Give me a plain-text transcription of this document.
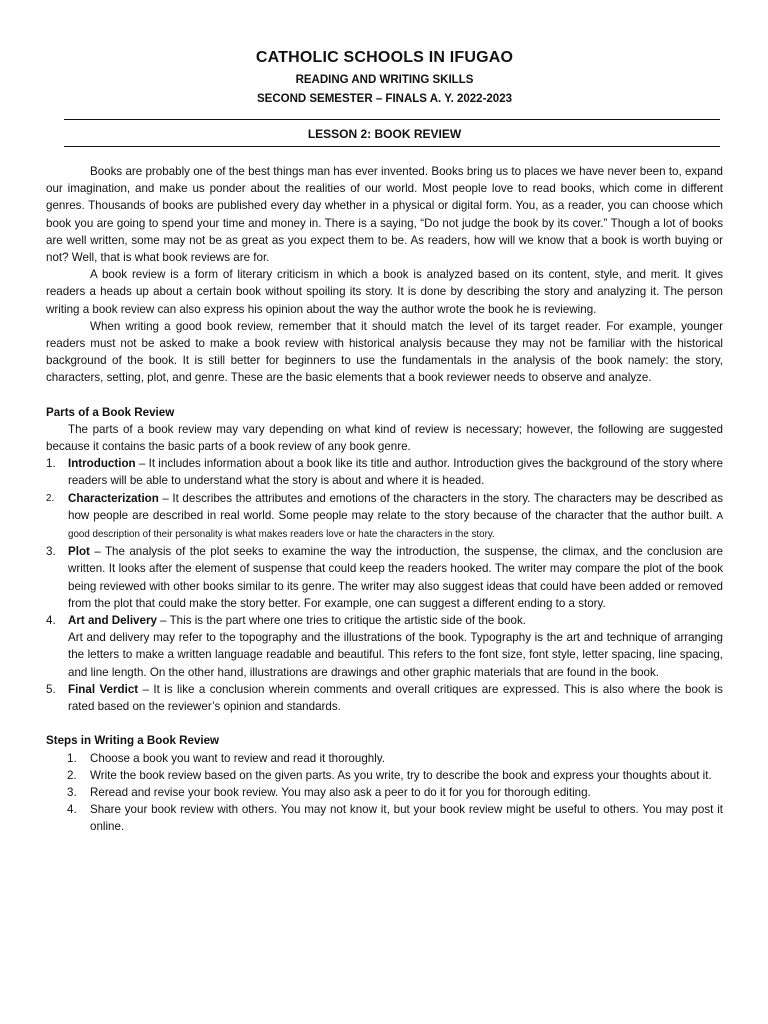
CATHOLIC SCHOOLS IN IFUGAO
READING AND WRITING SKILLS
SECOND SEMESTER – FINALS A. Y. 2022-2023
LESSON 2: BOOK REVIEW

Books are probably one of the best things man has ever invented. Books bring us to places we have never been to, expand our imagination, and make us ponder about the realities of our world. Most people love to read books, which come in different genres. Thousands of books are published every day whether in a physical or digital form. You, as a reader, you can choose which book you are going to spend your time and money in. There is a saying, “Do not judge the book by its cover.” Though a lot of books are well written, some may not be as great as you expect them to be. As readers, how will we know that a book is worth buying or not? Well, that is what book reviews are for.

A book review is a form of literary criticism in which a book is analyzed based on its content, style, and merit. It gives readers a heads up about a certain book without spoiling its story. It is done by describing the story and analyzing it. The person writing a book review can also express his opinion about the way the author wrote the book he is reviewing.

When writing a good book review, remember that it should match the level of its target reader. For example, younger readers must not be asked to make a book review with historical analysis because they may not be familiar with the historical background of the book. It is still better for beginners to use the fundamentals in the analysis of the book namely: the story, characters, setting, plot, and genre. These are the basic elements that a book reviewer needs to observe and analyze.

Parts of a Book Review

The parts of a book review may vary depending on what kind of review is necessary; however, the following are suggested because it contains the basic parts of a book review of any book genre.

1. Introduction – It includes information about a book like its title and author. Introduction gives the background of the story where readers will be able to understand what the story is about and where it is headed.
2. Characterization – It describes the attributes and emotions of the characters in the story. The characters may be described as how people are described in real world. Some people may relate to the story because of the character that the author built. A good description of their personality is what makes readers love or hate the characters in the story.
3. Plot – The analysis of the plot seeks to examine the way the introduction, the suspense, the climax, and the conclusion are written. It looks after the element of suspense that could keep the readers hooked. The writer may compare the plot of the book being reviewed with other books similar to its genre. The writer may also suggest ideas that could have been added or removed from the plot that could make the story better. For example, one can suggest a different ending to a story.
4. Art and Delivery – This is the part where one tries to critique the artistic side of the book.
Art and delivery may refer to the topography and the illustrations of the book. Typography is the art and technique of arranging the letters to make a written language readable and beautiful. This refers to the font size, font style, letter spacing, line spacing, and line length. On the other hand, illustrations are drawings and other graphic materials that are found in the book.
5. Final Verdict – It is like a conclusion wherein comments and overall critiques are expressed. This is also where the book is rated based on the reviewer’s opinion and standards.

Steps in Writing a Book Review

1. Choose a book you want to review and read it thoroughly.
2. Write the book review based on the given parts. As you write, try to describe the book and express your thoughts about it.
3. Reread and revise your book review. You may also ask a peer to do it for you for thorough editing.
4. Share your book review with others. You may not know it, but your book review might be useful to others. You may post it online.
